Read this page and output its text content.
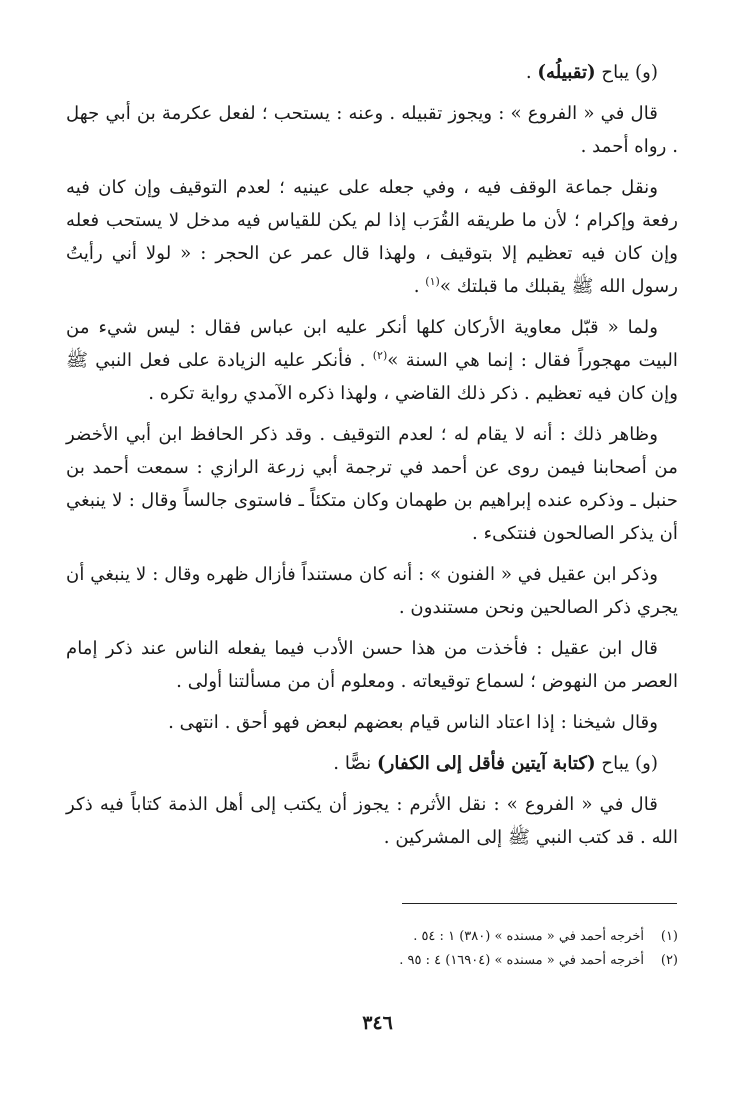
(و) يباح (تقبيلُه) .

قال في « الفروع » : ويجوز تقبيله . وعنه : يستحب ؛ لفعل عكرمة بن أبي جهل . رواه أحمد .

ونقل جماعة الوقف فيه ، وفي جعله على عينيه ؛ لعدم التوقيف وإن كان فيه رفعة وإكرام ؛ لأن ما طريقه القُرَب إذا لم يكن للقياس فيه مدخل لا يستحب فعله وإن كان فيه تعظيم إلا بتوقيف ، ولهذا قال عمر عن الحجر : « لولا أني رأيتُ رسول الله ﷺ يقبلك ما قبلتك »$^{(١)}$ .

ولما « قبّل معاوية الأركان كلها أنكر عليه ابن عباس فقال : ليس شيء من البيت مهجوراً فقال : إنما هي السنة »$^{(٢)}$ . فأنكر عليه الزيادة على فعل النبي ﷺ وإن كان فيه تعظيم . ذكر ذلك القاضي ، ولهذا ذكره الآمدي رواية تكره .

وظاهر ذلك : أنه لا يقام له ؛ لعدم التوقيف . وقد ذكر الحافظ ابن أبي الأخضر من أصحابنا فيمن روى عن أحمد في ترجمة أبي زرعة الرازي : سمعت أحمد بن حنبل ـ وذكره عنده إبراهيم بن طهمان وكان متكئاً ـ فاستوى جالساً وقال : لا ينبغي أن يذكر الصالحون فنتكىء .

وذكر ابن عقيل في « الفنون » : أنه كان مستنداً فأزال ظهره وقال : لا ينبغي أن يجري ذكر الصالحين ونحن مستندون .

قال ابن عقيل : فأخذت من هذا حسن الأدب فيما يفعله الناس عند ذكر إمام العصر من النهوض ؛ لسماع توقيعاته . ومعلوم أن من مسألتنا أولى .

وقال شيخنا : إذا اعتاد الناس قيام بعضهم لبعض فهو أحق . انتهى .

(و) يباح (كتابة آيتين فأقل إلى الكفار) نصًّا .

قال في « الفروع » : نقل الأثرم : يجوز أن يكتب إلى أهل الذمة كتاباً فيه ذكر الله . قد كتب النبي ﷺ إلى المشركين .

(١)أخرجه أحمد في « مسنده » (٣٨٠) ١ : ٥٤ .
(٢)أخرجه أحمد في « مسنده » (١٦٩٠٤) ٤ : ٩٥ .
٣٤٦
